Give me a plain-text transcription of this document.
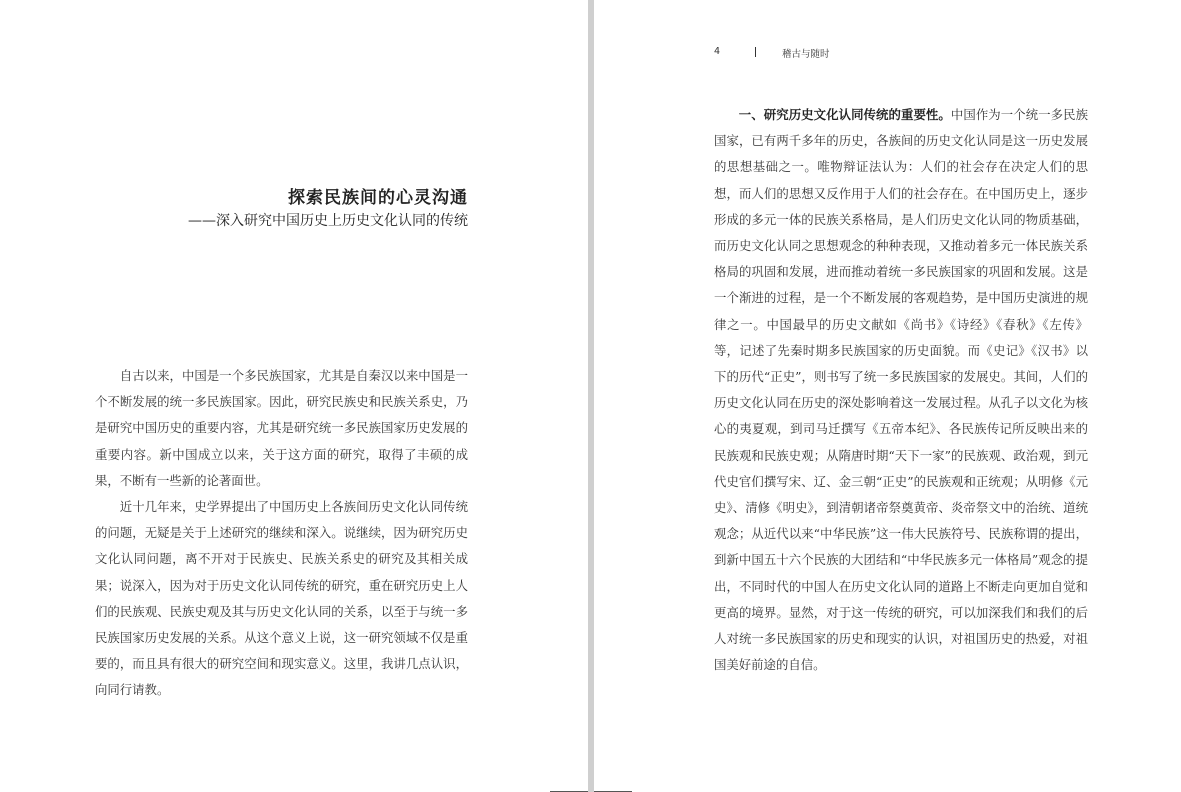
探索民族间的心灵沟通
——深入研究中国历史上历史文化认同的传统

自古以来，中国是一个多民族国家，尤其是自秦汉以来中国是一个不断发展的统一多民族国家。因此，研究民族史和民族关系史，乃是研究中国历史的重要内容，尤其是研究统一多民族国家历史发展的重要内容。新中国成立以来，关于这方面的研究，取得了丰硕的成果，不断有一些新的论著面世。

近十几年来，史学界提出了中国历史上各族间历史文化认同传统的问题，无疑是关于上述研究的继续和深入。说继续，因为研究历史文化认同问题，离不开对于民族史、民族关系史的研究及其相关成果；说深入，因为对于历史文化认同传统的研究，重在研究历史上人们的民族观、民族史观及其与历史文化认同的关系，以至于与统一多民族国家历史发展的关系。从这个意义上说，这一研究领域不仅是重要的，而且具有很大的研究空间和现实意义。这里，我讲几点认识，向同行请教。

4	稽古与随时

一、研究历史文化认同传统的重要性。中国作为一个统一多民族国家，已有两千多年的历史，各族间的历史文化认同是这一历史发展的思想基础之一。唯物辩证法认为：人们的社会存在决定人们的思想，而人们的思想又反作用于人们的社会存在。在中国历史上，逐步形成的多元一体的民族关系格局，是人们历史文化认同的物质基础，而历史文化认同之思想观念的种种表现，又推动着多元一体民族关系格局的巩固和发展，进而推动着统一多民族国家的巩固和发展。这是一个渐进的过程，是一个不断发展的客观趋势，是中国历史演进的规律之一。中国最早的历史文献如《尚书》《诗经》《春秋》《左传》等，记述了先秦时期多民族国家的历史面貌。而《史记》《汉书》以下的历代“正史”，则书写了统一多民族国家的发展史。其间，人们的历史文化认同在历史的深处影响着这一发展过程。从孔子以文化为核心的夷夏观，到司马迁撰写《五帝本纪》、各民族传记所反映出来的民族观和民族史观；从隋唐时期“天下一家”的民族观、政治观，到元代史官们撰写宋、辽、金三朝“正史”的民族观和正统观；从明修《元史》、清修《明史》，到清朝诸帝祭奠黄帝、炎帝祭文中的治统、道统观念；从近代以来“中华民族”这一伟大民族符号、民族称谓的提出，到新中国五十六个民族的大团结和“中华民族多元一体格局”观念的提出，不同时代的中国人在历史文化认同的道路上不断走向更加自觉和更高的境界。显然，对于这一传统的研究，可以加深我们和我们的后人对统一多民族国家的历史和现实的认识，对祖国历史的热爱，对祖国美好前途的自信。
